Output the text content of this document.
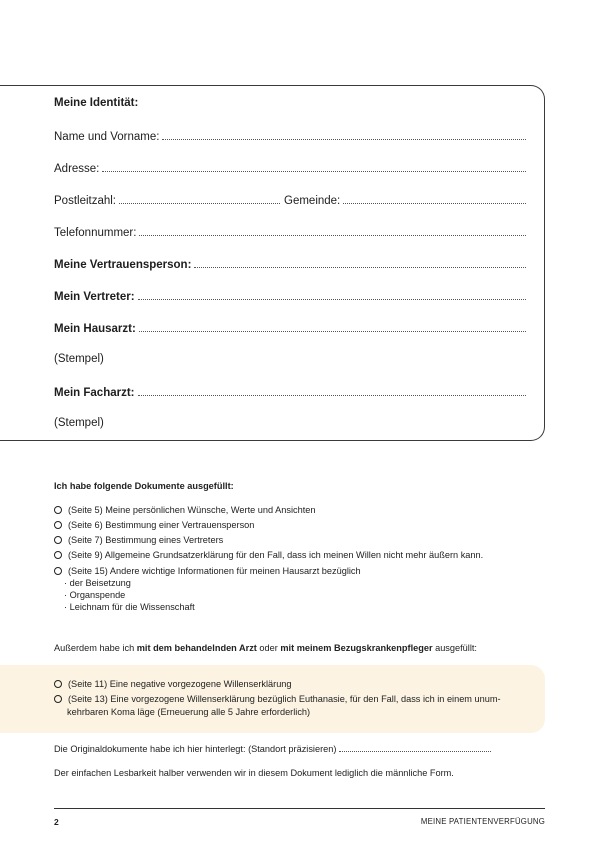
Meine Identität:
Name und Vorname:
Adresse:
Postleitzahl:	Gemeinde:
Telefonnummer:
Meine Vertrauensperson:
Mein Vertreter:
Mein Hausarzt:
(Stempel)
Mein Facharzt:
(Stempel)
Ich habe folgende Dokumente ausgefüllt:
(Seite 5) Meine persönlichen Wünsche, Werte und Ansichten
(Seite 6) Bestimmung einer Vertrauensperson
(Seite 7) Bestimmung eines Vertreters
(Seite 9) Allgemeine Grundsatzerklärung für den Fall, dass ich meinen Willen nicht mehr äußern kann.
(Seite 15) Andere wichtige Informationen für meinen Hausarzt bezüglich
· der Beisetzung
· Organspende
· Leichnam für die Wissenschaft
Außerdem habe ich mit dem behandelnden Arzt oder mit meinem Bezugskrankenpfleger ausgefüllt:
(Seite 11) Eine negative vorgezogene Willenserklärung
(Seite 13) Eine vorgezogene Willenserklärung bezüglich Euthanasie, für den Fall, dass ich in einem unum-
kehrbaren Koma läge (Erneuerung alle 5 Jahre erforderlich)
Die Originaldokumente habe ich hier hinterlegt: (Standort präzisieren)
Der einfachen Lesbarkeit halber verwenden wir in diesem Dokument lediglich die männliche Form.
2	MEINE PATIENTENVERFÜGUNG
